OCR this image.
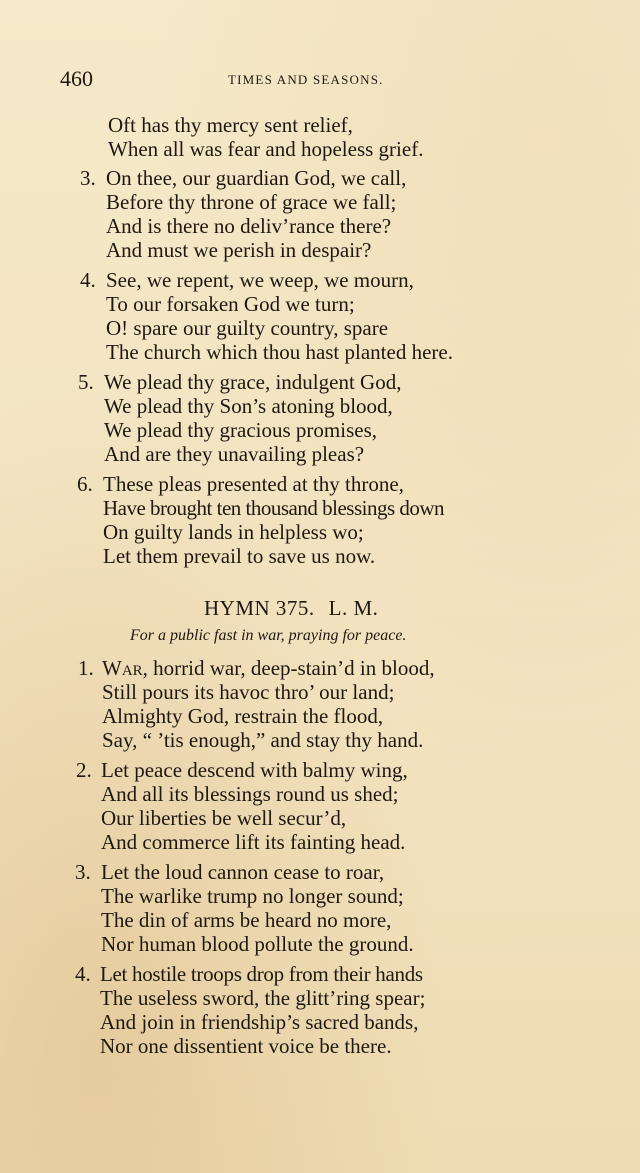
460	TIMES AND SEASONS.
Oft has thy mercy sent relief,
When all was fear and hopeless grief.
3. On thee, our guardian God, we call,
Before thy throne of grace we fall;
And is there no deliv’rance there?
And must we perish in despair?
4. See, we repent, we weep, we mourn,
To our forsaken God we turn;
O! spare our guilty country, spare
The church which thou hast planted here.
5. We plead thy grace, indulgent God,
We plead thy Son’s atoning blood,
We plead thy gracious promises,
And are they unavailing pleas?
6. These pleas presented at thy throne,
Have brought ten thousand blessings down
On guilty lands in helpless wo;
Let them prevail to save us now.
HYMN 375. L. M.
For a public fast in war, praying for peace.
1. War, horrid war, deep-stain’d in blood,
Still pours its havoc thro’ our land;
Almighty God, restrain the flood,
Say, “ ’tis enough,” and stay thy hand.
2. Let peace descend with balmy wing,
And all its blessings round us shed;
Our liberties be well secur’d,
And commerce lift its fainting head.
3. Let the loud cannon cease to roar,
The warlike trump no longer sound;
The din of arms be heard no more,
Nor human blood pollute the ground.
4. Let hostile troops drop from their hands
The useless sword, the glitt’ring spear;
And join in friendship’s sacred bands,
Nor one dissentient voice be there.
